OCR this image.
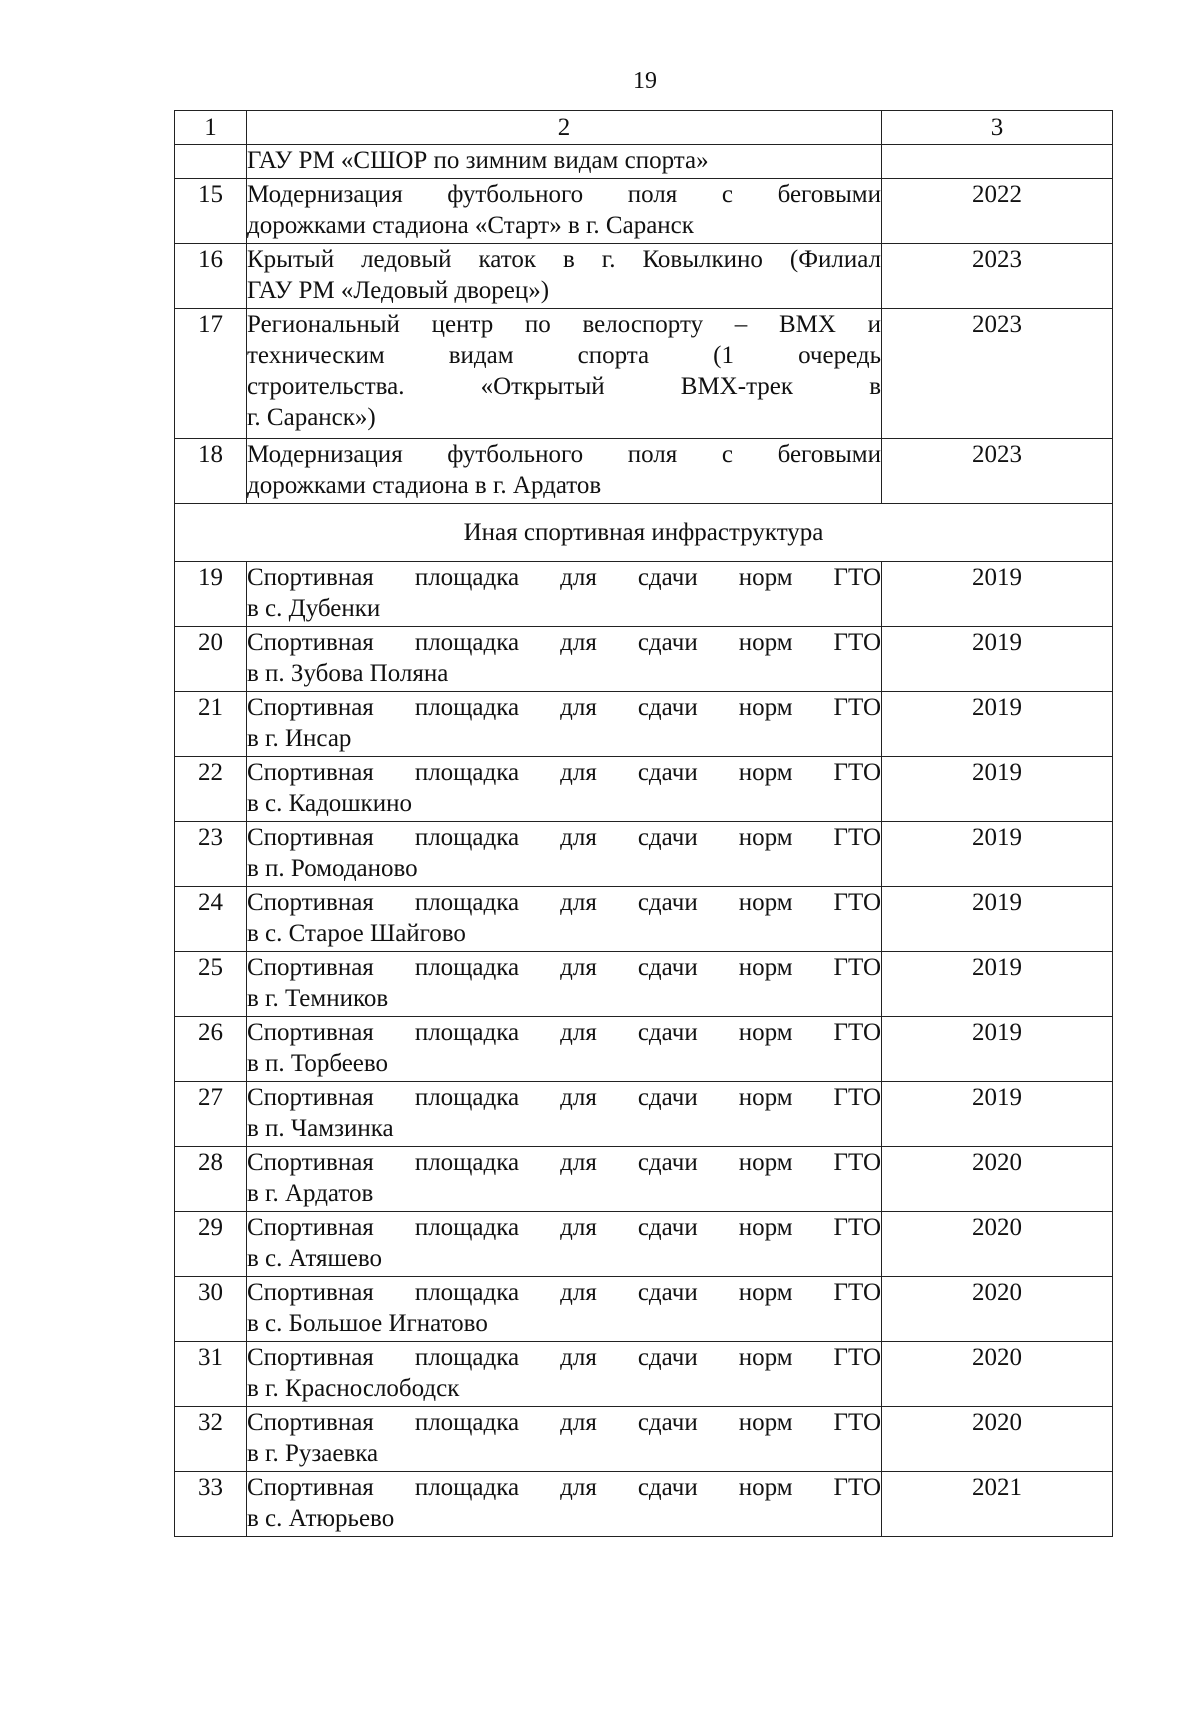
19
1	2	3
	ГАУ РМ «СШОР по зимним видам спорта»	
15	Модернизация футбольного поля с беговыми
дорожками стадиона «Старт» в г. Саранск	2022
16	Крытый ледовый каток в г. Ковылкино (Филиал
ГАУ РМ «Ледовый дворец»)	2023
17	Региональный центр по велоспорту – ВМХ и
техническим видам спорта (1 очередь
строительства. «Открытый ВМХ-трек в
г. Саранск»)	2023
18	Модернизация футбольного поля с беговыми
дорожками стадиона в г. Ардатов	2023
Иная спортивная инфраструктура		
19	Спортивная площадка для сдачи норм ГТО
в с. Дубенки	2019
20	Спортивная площадка для сдачи норм ГТО
в п. Зубова Поляна	2019
21	Спортивная площадка для сдачи норм ГТО
в г. Инсар	2019
22	Спортивная площадка для сдачи норм ГТО
в с. Кадошкино	2019
23	Спортивная площадка для сдачи норм ГТО
в п. Ромоданово	2019
24	Спортивная площадка для сдачи норм ГТО
в с. Старое Шайгово	2019
25	Спортивная площадка для сдачи норм ГТО
в г. Темников	2019
26	Спортивная площадка для сдачи норм ГТО
в п. Торбеево	2019
27	Спортивная площадка для сдачи норм ГТО
в п. Чамзинка	2019
28	Спортивная площадка для сдачи норм ГТО
в г. Ардатов	2020
29	Спортивная площадка для сдачи норм ГТО
в с. Атяшево	2020
30	Спортивная площадка для сдачи норм ГТО
в с. Большое Игнатово	2020
31	Спортивная площадка для сдачи норм ГТО
в г. Краснослободск	2020
32	Спортивная площадка для сдачи норм ГТО
в г. Рузаевка	2020
33	Спортивная площадка для сдачи норм ГТО
в с. Атюрьево	2021
